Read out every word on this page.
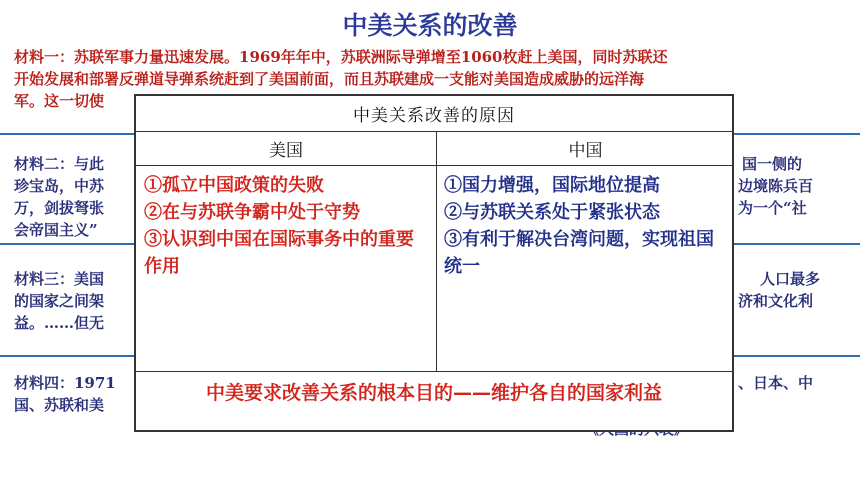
中美关系的改善
材料一：苏联军事力量迅速发展。1969年年中，苏联洲际导弹增至1060枚赶上美国，同时苏联还
开始发展和部署反弹道导弹系统赶到了美国前面，而且苏联建成一支能对美国造成威胁的远洋海
军。这一切使
材料二：与此
珍宝岛，中苏
万，剑拔弩张
会帝国主义”
国一侧的
边境陈兵百
为一个“社
材料三：美国
的国家之间架
益。……但无
人口最多
济和文化利
材料四：1971
国、苏联和美
、日本、中
中美关系改善的原因
美国	中国
①孤立中国政策的失败
②在与苏联争霸中处于守势
③认识到中国在国际事务中的重要作用
①国力增强，国际地位提高
②与苏联关系处于紧张状态
③有利于解决台湾问题，实现祖国统一
中美要求改善关系的根本目的——维护各自的国家利益
